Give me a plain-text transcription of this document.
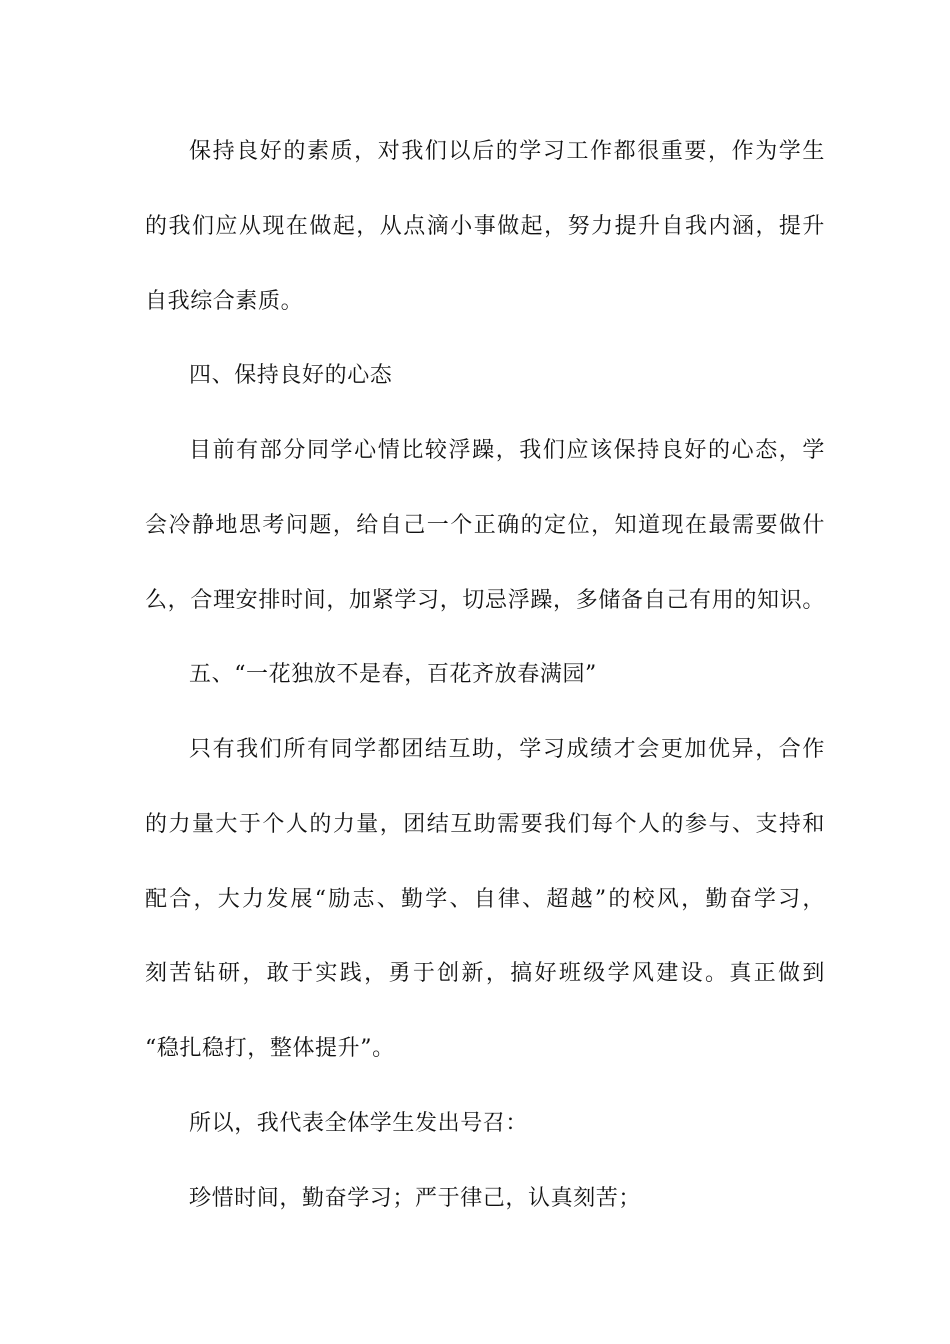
保持良好的素质，对我们以后的学习工作都很重要，作为学生
的我们应从现在做起，从点滴小事做起，努力提升自我内涵，提升
自我综合素质。
四、保持良好的心态
目前有部分同学心情比较浮躁，我们应该保持良好的心态，学
会冷静地思考问题，给自己一个正确的定位，知道现在最需要做什
么，合理安排时间，加紧学习，切忌浮躁，多储备自己有用的知识。
五、“一花独放不是春，百花齐放春满园”
只有我们所有同学都团结互助，学习成绩才会更加优异，合作
的力量大于个人的力量，团结互助需要我们每个人的参与、支持和
配合，大力发展“励志、勤学、自律、超越”的校风，勤奋学习，
刻苦钻研，敢于实践，勇于创新，搞好班级学风建设。真正做到
“稳扎稳打，整体提升”。
所以，我代表全体学生发出号召：
珍惜时间，勤奋学习；严于律己，认真刻苦；
